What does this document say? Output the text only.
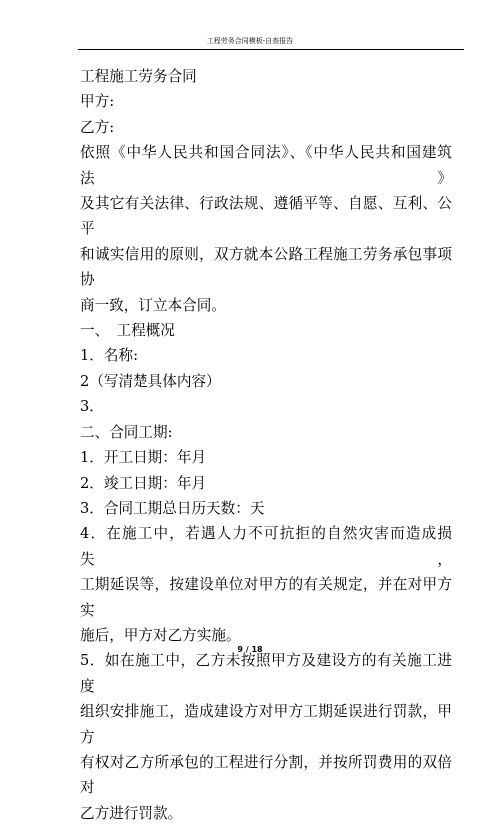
工程劳务合同模板-自查报告
工程施工劳务合同
甲方:
乙方:
依照《中华人民共和国合同法》、《中华人民共和国建筑法》
及其它有关法律、行政法规、遵循平等、自愿、互利、公平
和诚实信用的原则，双方就本公路工程施工劳务承包事项协
商一致，订立本合同。
一、　工程概况
1．名称:
2（写清楚具体内容）
3．
二、合同工期:
1．开工日期：年月
2．竣工日期：年月
3．合同工期总日历天数：天
4．在施工中，若遇人力不可抗拒的自然灾害而造成损失，
工期延误等，按建设单位对甲方的有关规定，并在对甲方实
施后，甲方对乙方实施。
5．如在施工中，乙方未按照甲方及建设方的有关施工进度
组织安排施工，造成建设方对甲方工期延误进行罚款，甲方
有权对乙方所承包的工程进行分割，并按所罚费用的双倍对
乙方进行罚款。
9 / 18
